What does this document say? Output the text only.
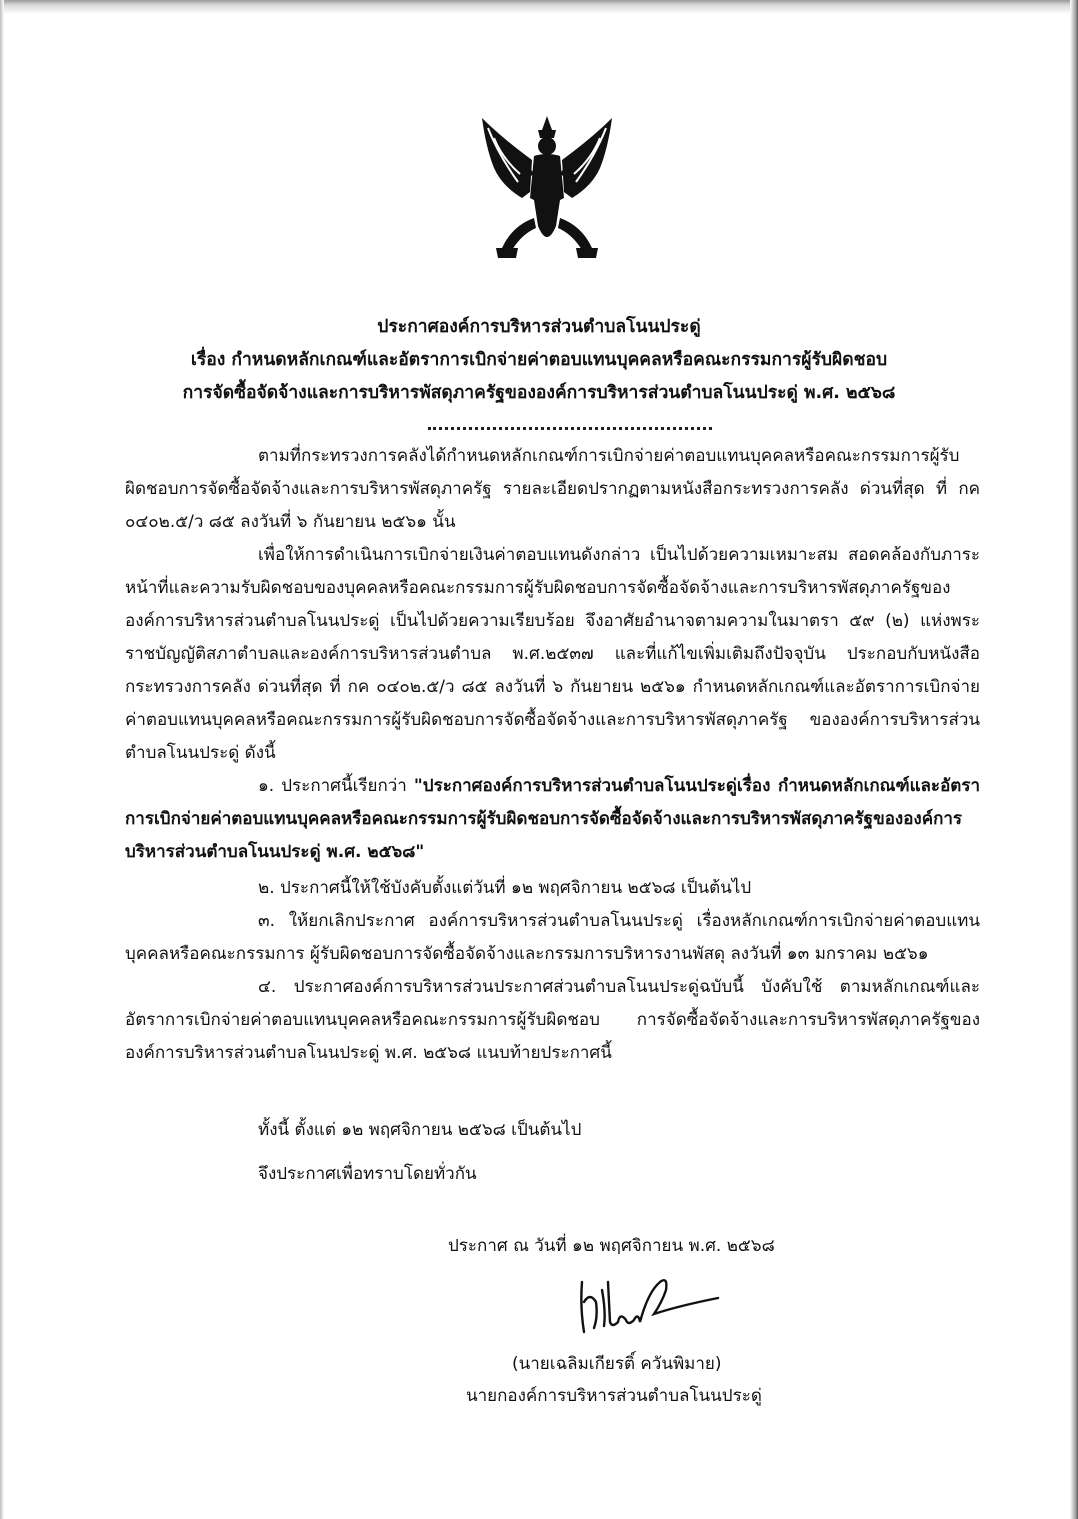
ประกาศองค์การบริหารส่วนตำบลโนนประดู่
เรื่อง กำหนดหลักเกณฑ์และอัตราการเบิกจ่ายค่าตอบแทนบุคคลหรือคณะกรรมการผู้รับผิดชอบ
การจัดซื้อจัดจ้างและการบริหารพัสดุภาครัฐขององค์การบริหารส่วนตำบลโนนประดู่ พ.ศ. ๒๕๖๘

ตามที่กระทรวงการคลังได้กำหนดหลักเกณฑ์การเบิกจ่ายค่าตอบแทนบุคคลหรือคณะกรรมการผู้รับผิดชอบการจัดซื้อจัดจ้างและการบริหารพัสดุภาครัฐ รายละเอียดปรากฏตามหนังสือกระทรวงการคลัง ด่วนที่สุด ที่ กค ๐๔๐๒.๕/ว ๘๕ ลงวันที่ ๖ กันยายน ๒๕๖๑ นั้น

เพื่อให้การดำเนินการเบิกจ่ายเงินค่าตอบแทนดังกล่าว เป็นไปด้วยความเหมาะสม สอดคล้องกับภาระหน้าที่และความรับผิดชอบของบุคคลหรือคณะกรรมการผู้รับผิดชอบการจัดซื้อจัดจ้างและการบริหารพัสดุภาครัฐขององค์การบริหารส่วนตำบลโนนประดู่ เป็นไปด้วยความเรียบร้อย จึงอาศัยอำนาจตามความในมาตรา ๕๙ (๒) แห่งพระราชบัญญัติสภาตำบลและองค์การบริหารส่วนตำบล พ.ศ.๒๕๓๗ และที่แก้ไขเพิ่มเติมถึงปัจจุบัน ประกอบกับหนังสือกระทรวงการคลัง ด่วนที่สุด ที่ กค ๐๔๐๒.๕/ว ๘๕ ลงวันที่ ๖ กันยายน ๒๕๖๑ กำหนดหลักเกณฑ์และอัตราการเบิกจ่ายค่าตอบแทนบุคคลหรือคณะกรรมการผู้รับผิดชอบการจัดซื้อจัดจ้างและการบริหารพัสดุภาครัฐ ขององค์การบริหารส่วนตำบลโนนประดู่ ดังนี้

๑. ประกาศนี้เรียกว่า "ประกาศองค์การบริหารส่วนตำบลโนนประดู่เรื่อง กำหนดหลักเกณฑ์และอัตราการเบิกจ่ายค่าตอบแทนบุคคลหรือคณะกรรมการผู้รับผิดชอบการจัดซื้อจัดจ้างและการบริหารพัสดุภาครัฐขององค์การบริหารส่วนตำบลโนนประดู่ พ.ศ. ๒๕๖๘"

๒. ประกาศนี้ให้ใช้บังคับตั้งแต่วันที่ ๑๒ พฤศจิกายน ๒๕๖๘ เป็นต้นไป

๓. ให้ยกเลิกประกาศ องค์การบริหารส่วนตำบลโนนประดู่ เรื่องหลักเกณฑ์การเบิกจ่ายค่าตอบแทนบุคคลหรือคณะกรรมการ ผู้รับผิดชอบการจัดซื้อจัดจ้างและกรรมการบริหารงานพัสดุ ลงวันที่ ๑๓ มกราคม ๒๕๖๑

๔. ประกาศองค์การบริหารส่วนประกาศส่วนตำบลโนนประดู่ฉบับนี้ บังคับใช้ ตามหลักเกณฑ์และอัตราการเบิกจ่ายค่าตอบแทนบุคคลหรือคณะกรรมการผู้รับผิดชอบ การจัดซื้อจัดจ้างและการบริหารพัสดุภาครัฐขององค์การบริหารส่วนตำบลโนนประดู่ พ.ศ. ๒๕๖๘ แนบท้ายประกาศนี้

ทั้งนี้ ตั้งแต่ ๑๒ พฤศจิกายน ๒๕๖๘ เป็นต้นไป
จึงประกาศเพื่อทราบโดยทั่วกัน
ประกาศ ณ วันที่ ๑๒ พฤศจิกายน พ.ศ. ๒๕๖๘
(นายเฉลิมเกียรติ์ ควันพิมาย)
นายกองค์การบริหารส่วนตำบลโนนประดู่
